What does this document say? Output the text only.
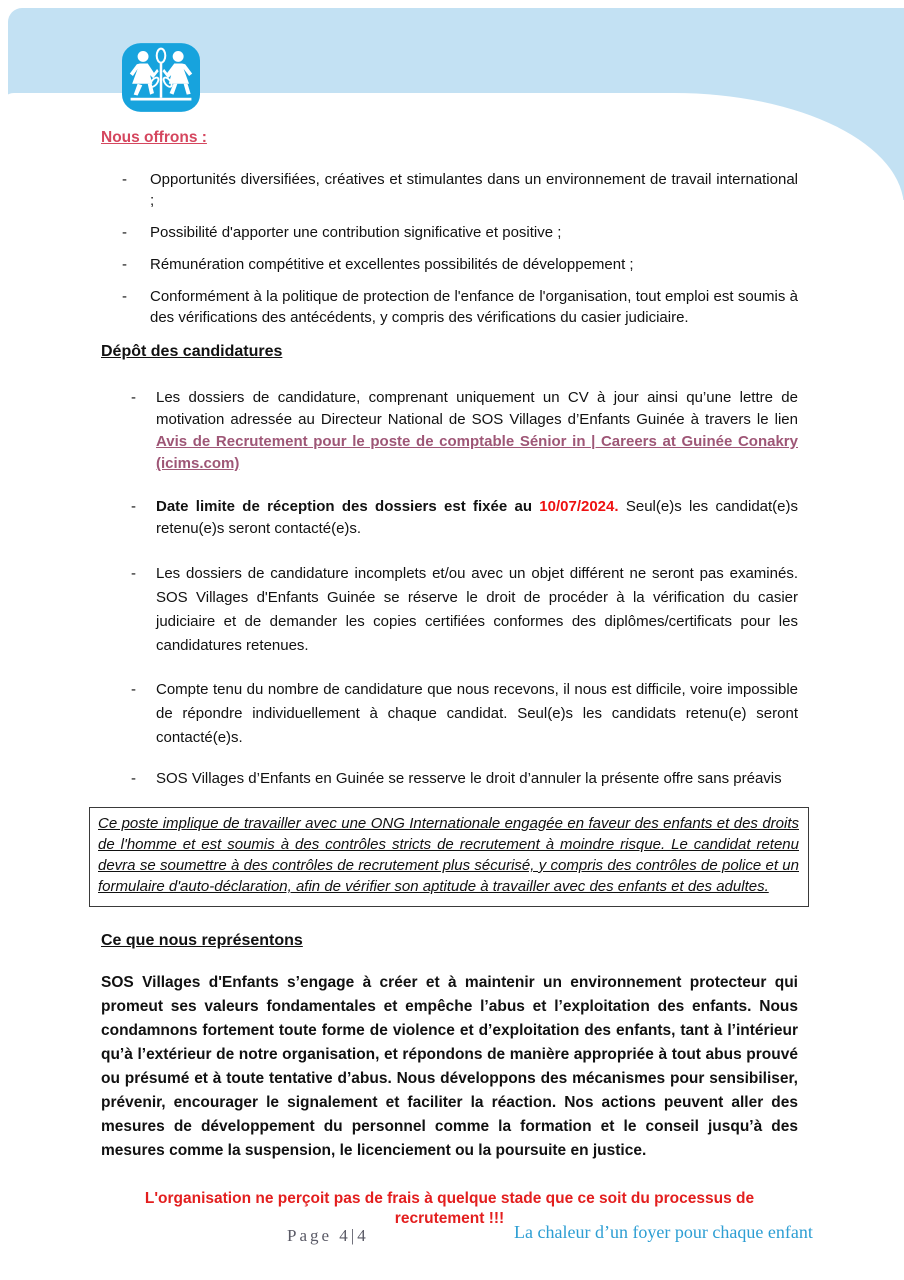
Nous offrons :
-	Opportunités diversifiées, créatives et stimulantes dans un environnement de travail international ;
-	Possibilité d'apporter une contribution significative et positive ;
-	Rémunération compétitive et excellentes possibilités de développement ;
-	Conformément à la politique de protection de l'enfance de l'organisation, tout emploi est soumis à des vérifications des antécédents, y compris des vérifications du casier judiciaire.
Dépôt des candidatures
-	Les dossiers de candidature, comprenant uniquement un CV à jour ainsi qu’une lettre de motivation adressée au Directeur National de SOS Villages d’Enfants Guinée à travers le lien Avis de Recrutement pour le poste de comptable Sénior in | Careers at Guinée Conakry (icims.com)
-	Date limite de réception des dossiers est fixée au 10/07/2024. Seul(e)s les candidat(e)s retenu(e)s seront contacté(e)s.
-	Les dossiers de candidature incomplets et/ou avec un objet différent ne seront pas examinés. SOS Villages d'Enfants Guinée se réserve le droit de procéder à la vérification du casier judiciaire et de demander les copies certifiées conformes des diplômes/certificats pour les candidatures retenues.
-	Compte tenu du nombre de candidature que nous recevons, il nous est difficile, voire impossible de répondre individuellement à chaque candidat. Seul(e)s les candidats retenu(e) seront contacté(e)s.
-	SOS Villages d’Enfants en Guinée se resserve le droit d’annuler la présente offre sans préavis
Ce poste implique de travailler avec une ONG Internationale engagée en faveur des enfants et des droits de l'homme et est soumis à des contrôles stricts de recrutement à moindre risque. Le candidat retenu devra se soumettre à des contrôles de recrutement plus sécurisé, y compris des contrôles de police et un formulaire d'auto-déclaration, afin de vérifier son aptitude à travailler avec des enfants et des adultes.
Ce que nous représentons
SOS Villages d'Enfants s’engage à créer et à maintenir un environnement protecteur qui promeut ses valeurs fondamentales et empêche l’abus et l’exploitation des enfants. Nous condamnons fortement toute forme de violence et d’exploitation des enfants, tant à l’intérieur qu’à l’extérieur de notre organisation, et répondons de manière appropriée à tout abus prouvé ou présumé et à toute tentative d’abus. Nous développons des mécanismes pour sensibiliser, prévenir, encourager le signalement et faciliter la réaction. Nos actions peuvent aller des mesures de développement du personnel comme la formation et le conseil jusqu’à des mesures comme la suspension, le licenciement ou la poursuite en justice.
L'organisation ne perçoit pas de frais à quelque stade que ce soit du processus de recrutement !!!
Page 4|4	La chaleur d’un foyer pour chaque enfant
